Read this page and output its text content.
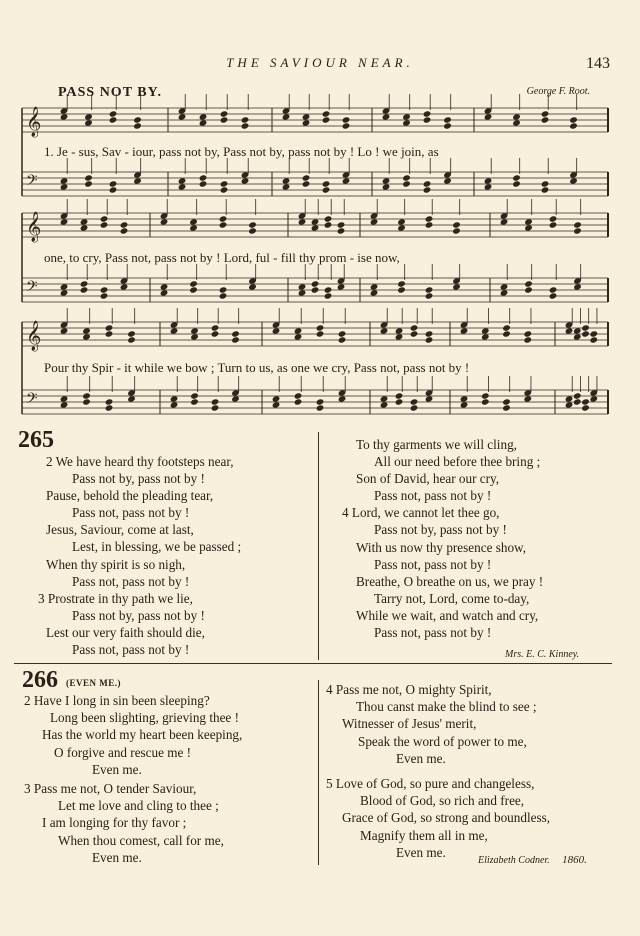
THE SAVIOUR NEAR.	143
PASS NOT BY.	George F. Root.
𝄞
𝄢
𝄞
𝄢
𝄞
𝄢
1. Je - sus, Sav - iour, pass not by, Pass not by, pass not by ! Lo ! we join, as
one, to cry, Pass not, pass not by ! Lord, ful - fill thy prom - ise now,
Pour thy Spir - it while we bow ; Turn to us, as one we cry, Pass not, pass not by !
265
2 We have heard thy footsteps near,
Pass not by, pass not by !
Pause, behold the pleading tear,
Pass not, pass not by !
Jesus, Saviour, come at last,
Lest, in blessing, we be passed ;
When thy spirit is so nigh,
Pass not, pass not by !
3 Prostrate in thy path we lie,
Pass not by, pass not by !
Lest our very faith should die,
Pass not, pass not by !
To thy garments we will cling,
All our need before thee bring ;
Son of David, hear our cry,
Pass not, pass not by !
4 Lord, we cannot let thee go,
Pass not by, pass not by !
With us now thy presence show,
Pass not, pass not by !
Breathe, O breathe on us, we pray !
Tarry not, Lord, come to-day,
While we wait, and watch and cry,
Pass not, pass not by !
Mrs. E. C. Kinney.
266 (EVEN ME.)
2 Have I long in sin been sleeping?
Long been slighting, grieving thee !
Has the world my heart been keeping,
O forgive and rescue me !
Even me.
3 Pass me not, O tender Saviour,
Let me love and cling to thee ;
I am longing for thy favor ;
When thou comest, call for me,
Even me.
4 Pass me not, O mighty Spirit,
Thou canst make the blind to see ;
Witnesser of Jesus' merit,
Speak the word of power to me,
Even me.
5 Love of God, so pure and changeless,
Blood of God, so rich and free,
Grace of God, so strong and boundless,
Magnify them all in me,
Even me.
Elizabeth Codner. 1860.
